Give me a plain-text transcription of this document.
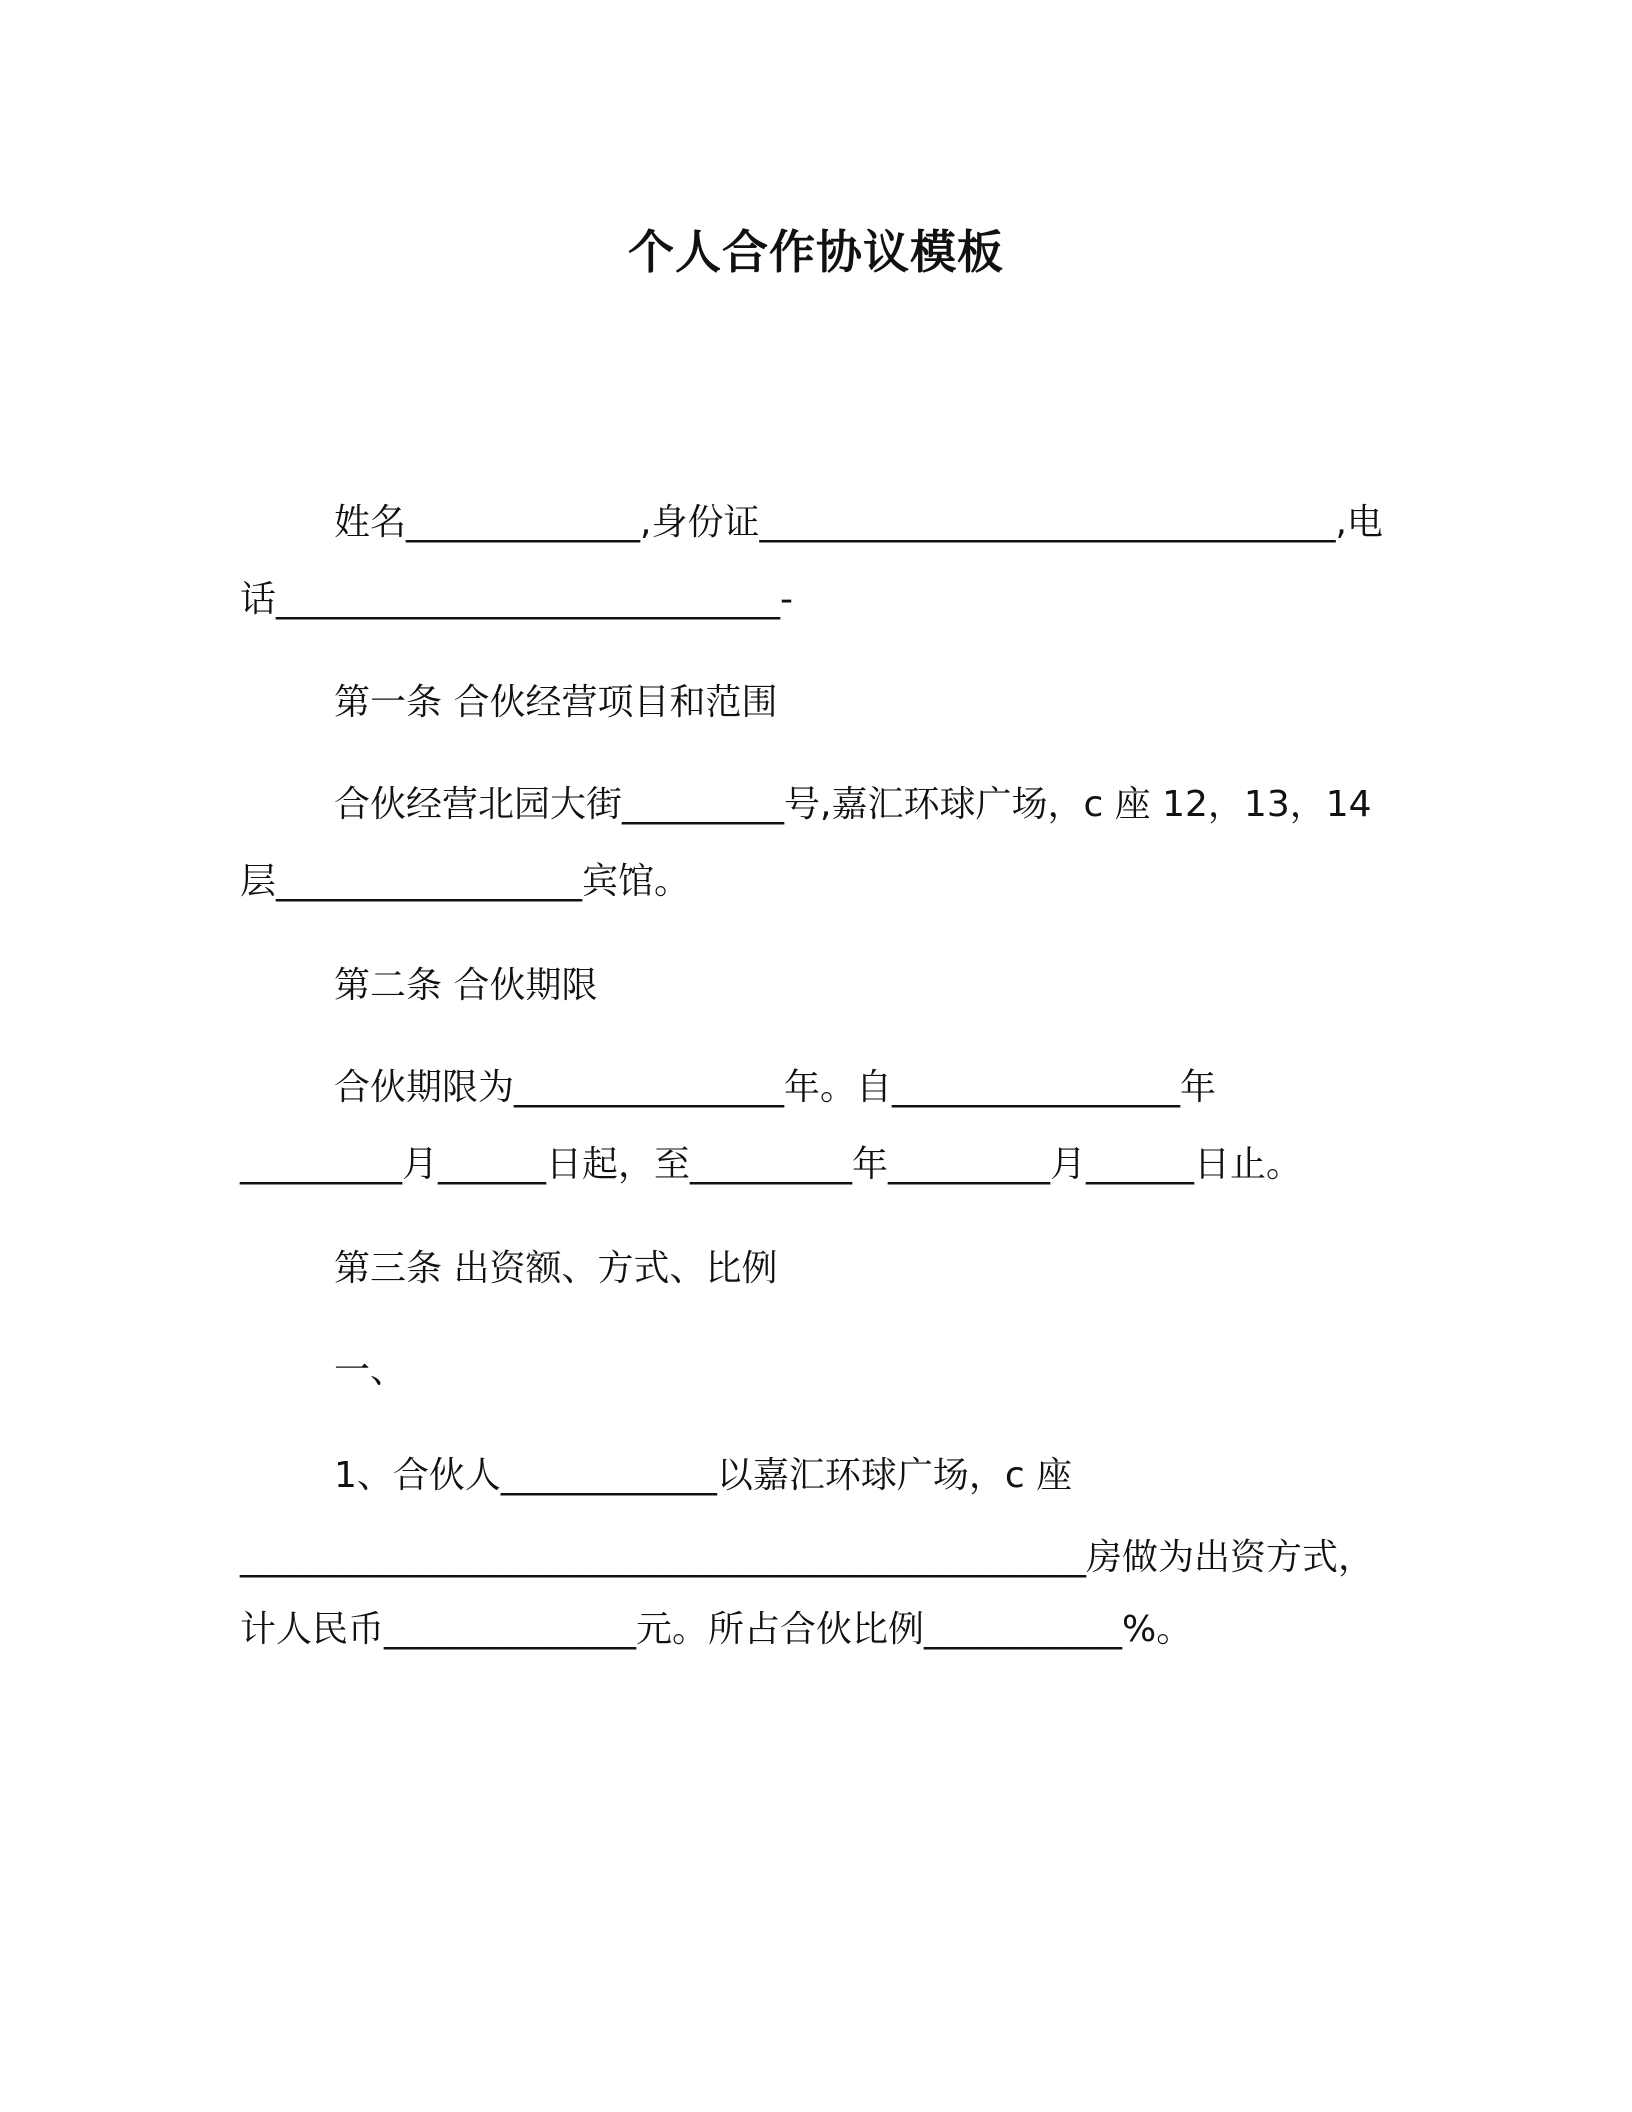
个人合作协议模板
姓名_____________,身份证________________________________,电
话____________________________-
第一条 合伙经营项目和范围
合伙经营北园大街_________号,嘉汇环球广场，c 座 12，13，14
层_________________宾馆。
第二条 合伙期限
合伙期限为_______________年。自________________年
_________月______日起，至_________年_________月______日止。
第三条 出资额、方式、比例
一、
1、合伙人____________以嘉汇环球广场，c 座
_______________________________________________房做为出资方式，
计人民币______________元。所占合伙比例___________%。
